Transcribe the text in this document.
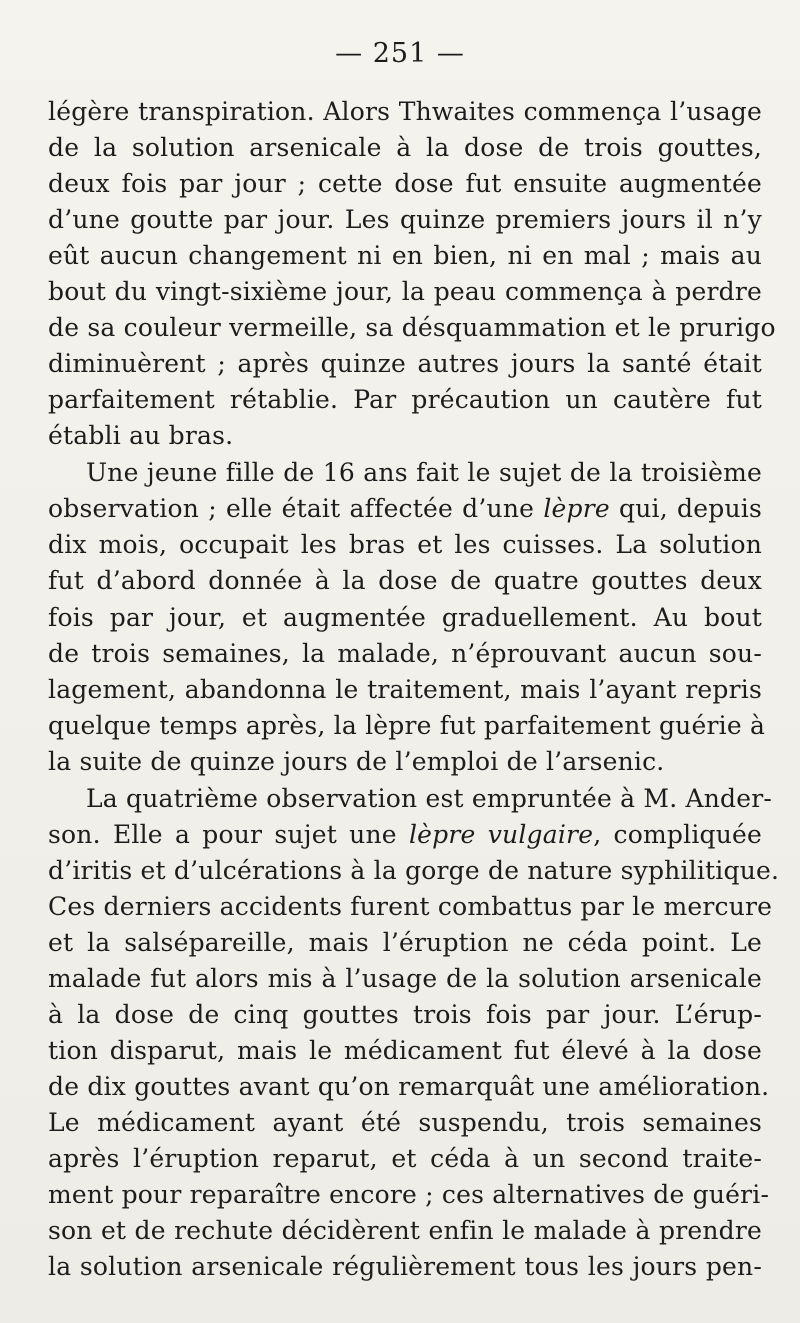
— 251 —
légère transpiration. Alors Thwaites commença l’usage
de la solution arsenicale à la dose de trois gouttes,
deux fois par jour ; cette dose fut ensuite augmentée
d’une goutte par jour. Les quinze premiers jours il n’y
eût aucun changement ni en bien, ni en mal ; mais au
bout du vingt-sixième jour, la peau commença à perdre
de sa couleur vermeille, sa désquammation et le prurigo
diminuèrent ; après quinze autres jours la santé était
parfaitement rétablie. Par précaution un cautère fut
établi au bras.
Une jeune fille de 16 ans fait le sujet de la troisième
observation ; elle était affectée d’une lèpre qui, depuis
dix mois, occupait les bras et les cuisses. La solution
fut d’abord donnée à la dose de quatre gouttes deux
fois par jour, et augmentée graduellement. Au bout
de trois semaines, la malade, n’éprouvant aucun sou-
lagement, abandonna le traitement, mais l’ayant repris
quelque temps après, la lèpre fut parfaitement guérie à
la suite de quinze jours de l’emploi de l’arsenic.
La quatrième observation est empruntée à M. Ander-
son. Elle a pour sujet une lèpre vulgaire, compliquée
d’iritis et d’ulcérations à la gorge de nature syphilitique.
Ces derniers accidents furent combattus par le mercure
et la salsépareille, mais l’éruption ne céda point. Le
malade fut alors mis à l’usage de la solution arsenicale
à la dose de cinq gouttes trois fois par jour. L’érup-
tion disparut, mais le médicament fut élevé à la dose
de dix gouttes avant qu’on remarquât une amélioration.
Le médicament ayant été suspendu, trois semaines
après l’éruption reparut, et céda à un second traite-
ment pour reparaître encore ; ces alternatives de guéri-
son et de rechute décidèrent enfin le malade à prendre
la solution arsenicale régulièrement tous les jours pen-
